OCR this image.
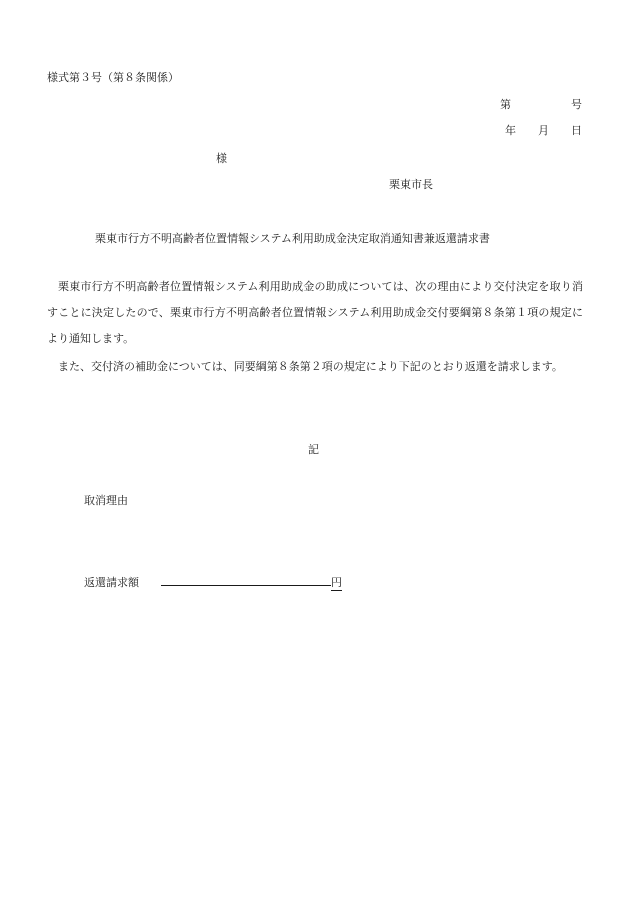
様式第３号（第８条関係）
第	号
年 月 日
様
栗東市長
栗東市行方不明高齢者位置情報システム利用助成金決定取消通知書兼返還請求書
栗東市行方不明高齢者位置情報システム利用助成金の助成については、次の理由により交付決定を取り消すことに決定したので、栗東市行方不明高齢者位置情報システム利用助成金交付要綱第８条第１項の規定により通知します。
また、交付済の補助金については、同要綱第８条第２項の規定により下記のとおり返還を請求します。
記
取消理由
返還請求額	円
